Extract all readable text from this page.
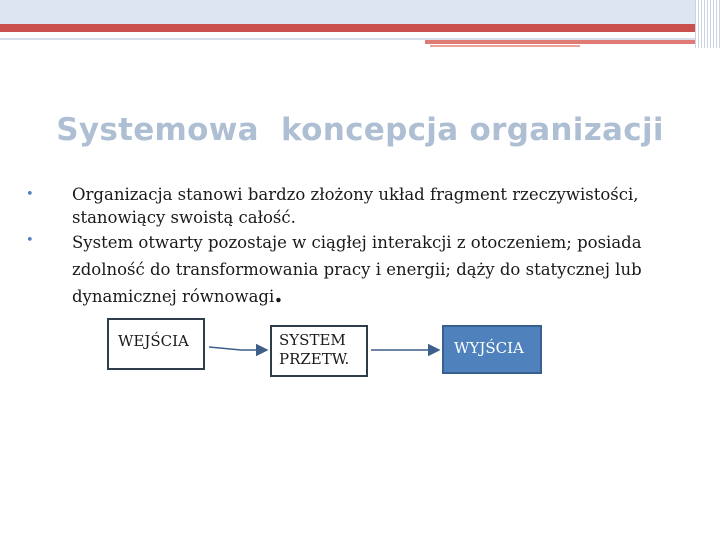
Systemowa  koncepcja organizacji
• Organizacja stanowi bardzo złożony układ fragment rzeczywistości, stanowiący swoistą całość.
• System otwarty pozostaje w ciągłej interakcji z otoczeniem; posiada zdolność do transformowania pracy i energii; dąży do statycznej lub dynamicznej równowagi.
WEJŚCIA	SYSTEM
PRZETW.
WYJŚCIA
